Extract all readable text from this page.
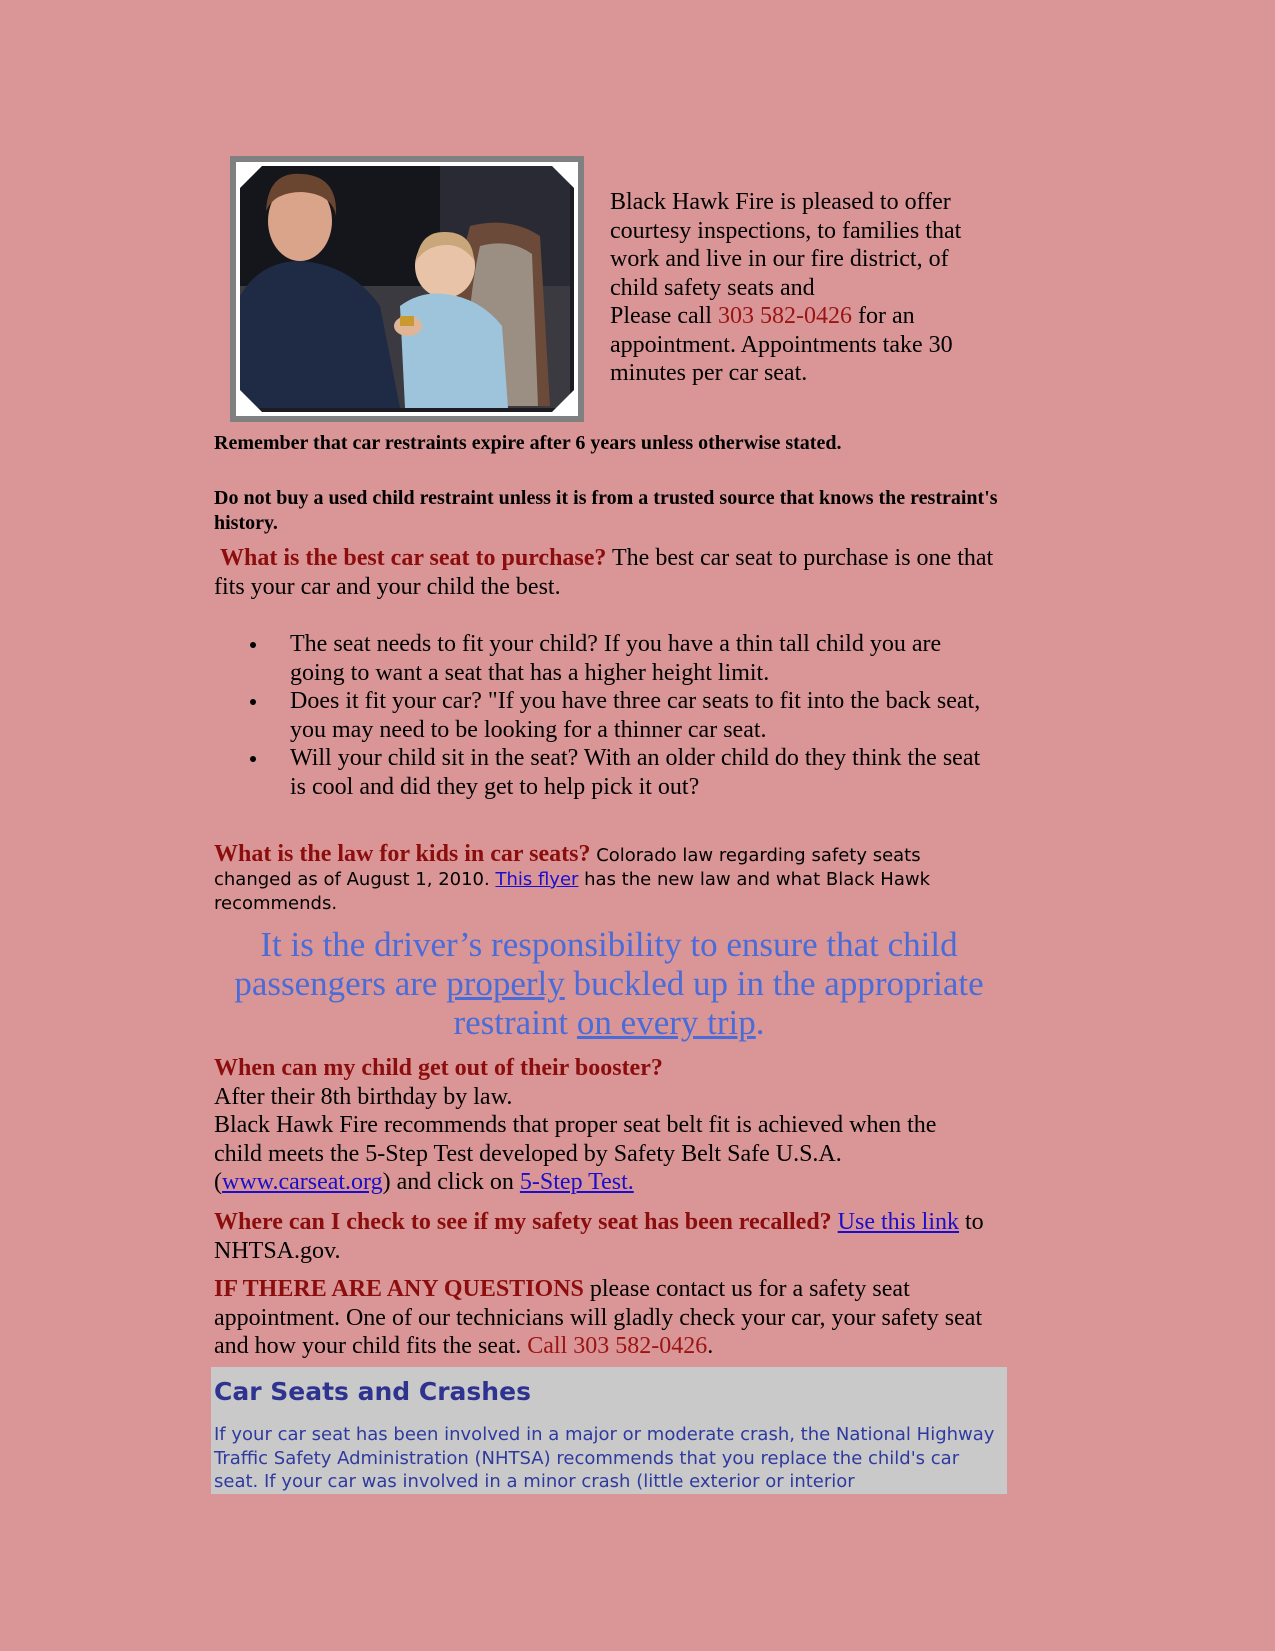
Black Hawk Fire is pleased to offer courtesy inspections, to families that work and live in our fire district, of child safety seats and
Please call 303 582-0426 for an appointment. Appointments take 30 minutes per car seat.
Remember that car restraints expire after 6 years unless otherwise stated.
Do not buy a used child restraint unless it is from a trusted source that knows the restraint's history.
What is the best car seat to purchase? The best car seat to purchase is one that fits your car and your child the best.
The seat needs to fit your child? If you have a thin tall child you are going to want a seat that has a higher height limit.
Does it fit your car? "If you have three car seats to fit into the back seat, you may need to be looking for a thinner car seat.
Will your child sit in the seat? With an older child do they think the seat is cool and did they get to help pick it out?
What is the law for kids in car seats? Colorado law regarding safety seats changed as of August 1, 2010. This flyer has the new law and what Black Hawk recommends.
It is the driver’s responsibility to ensure that child passengers are properly buckled up in the appropriate restraint on every trip.
When can my child get out of their booster?
After their 8th birthday by law.
Black Hawk Fire recommends that proper seat belt fit is achieved when the child meets the 5-Step Test developed by Safety Belt Safe U.S.A. (www.carseat.org) and click on 5-Step Test.
Where can I check to see if my safety seat has been recalled? Use this link to NHTSA.gov.
IF THERE ARE ANY QUESTIONS please contact us for a safety seat appointment. One of our technicians will gladly check your car, your safety seat and how your child fits the seat. Call 303 582-0426.
Car Seats and Crashes
If your car seat has been involved in a major or moderate crash, the National Highway Traffic Safety Administration (NHTSA) recommends that you replace the child's car seat. If your car was involved in a minor crash (little exterior or interior
